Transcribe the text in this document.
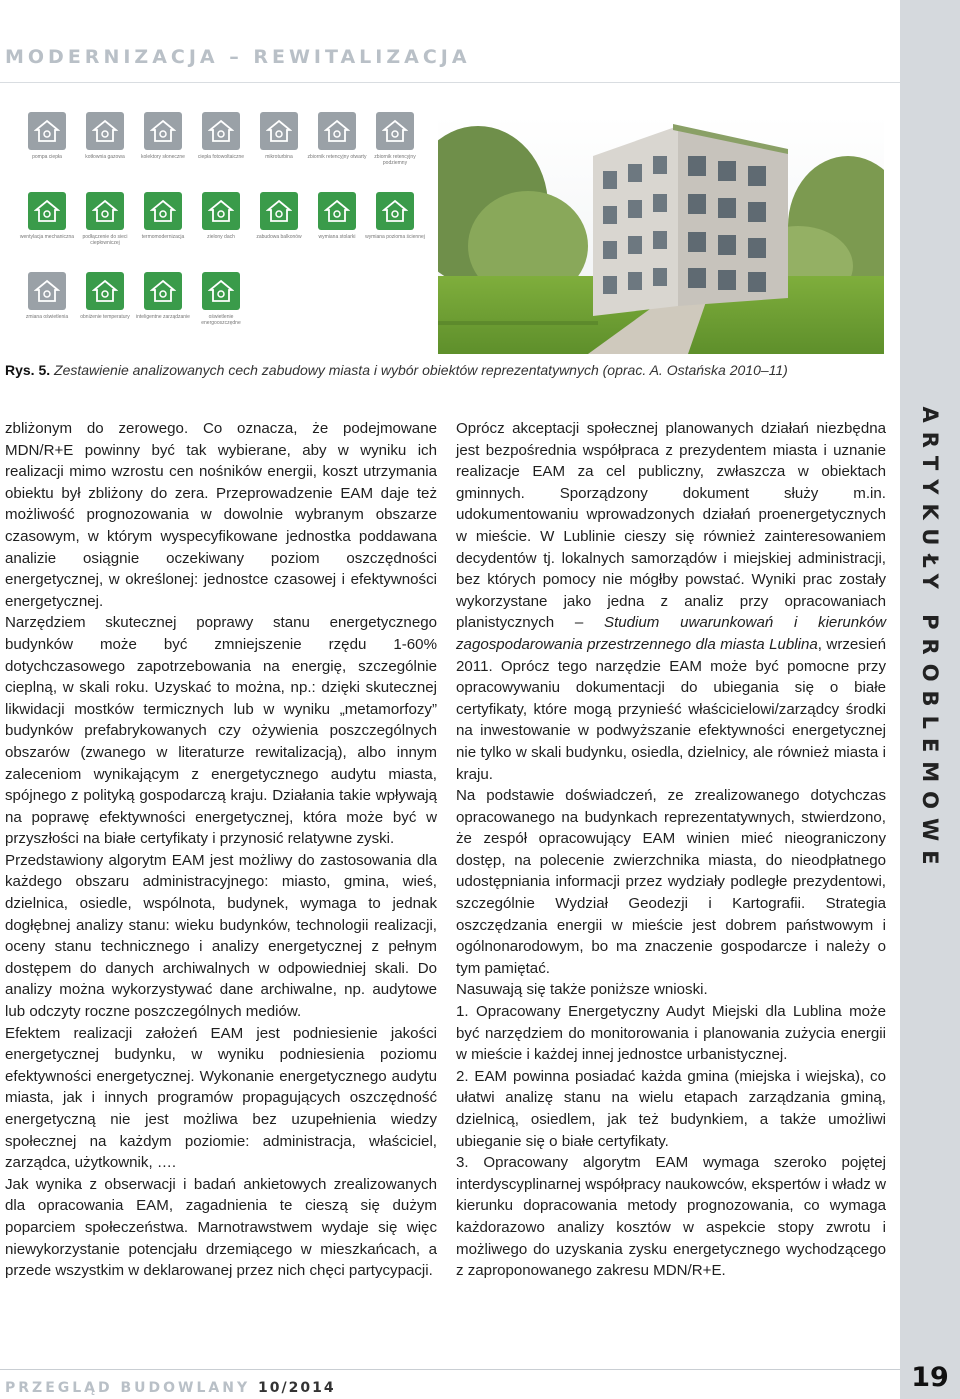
MODERNIZACJA – REWITALIZACJA
ARTYKUŁY PROBLEMOWE
pompa ciepła	kotłownia gazowa	kolektory słoneczne	ciepła fotowoltaiczne	mikroturbina	zbiornik retencyjny otwarty	zbiornik retencyjny podziemny
wentylacja mechaniczna	podłączenie do sieci ciepłowniczej
termomodernizacja	zielony dach	zabudowa balkonów	wymiana stolarki	wymiana pozioma ściennej
zmiana oświetlenia	obniżenie temperatury	inteligentne zarządzanie	oświetlenie energooszczędne
Rys. 5. Zestawienie analizowanych cech zabudowy miasta i wybór obiektów reprezentatywnych (oprac. A. Ostańska 2010–11)

zbliżonym do zerowego. Co oznacza, że podejmowane MDN/R+E powinny być tak wybierane, aby w wyniku ich realizacji mimo wzrostu cen nośników energii, koszt utrzymania obiektu był zbliżony do zera. Przeprowadzenie EAM daje też możliwość prognozowania w dowolnie wybranym obszarze czasowym, w którym wyspecyfikowane jednostka poddawana analizie osiągnie oczekiwany poziom oszczędności energetycznej, w określonej: jednostce czasowej i efektywności energetycznej.

Narzędziem skutecznej poprawy stanu energetycznego budynków może być zmniejszenie rzędu 1-60% dotychczasowego zapotrzebowania na energię, szczególnie cieplną, w skali roku. Uzyskać to można, np.: dzięki skutecznej likwidacji mostków termicznych lub w wyniku „metamorfozy” budynków prefabrykowanych czy ożywienia poszczególnych obszarów (zwanego w literaturze rewitalizacją), albo innym zaleceniom wynikającym z energetycznego audytu miasta, spójnego z polityką gospodarczą kraju. Działania takie wpływają na poprawę efektywności energetycznej, która może być w przyszłości na białe certyfikaty i przynosić relatywne zyski.

Przedstawiony algorytm EAM jest możliwy do zastosowania dla każdego obszaru administracyjnego: miasto, gmina, wieś, dzielnica, osiedle, wspólnota, budynek, wymaga to jednak dogłębnej analizy stanu: wieku budynków, technologii realizacji, oceny stanu technicznego i analizy energetycznej z pełnym dostępem do danych archiwalnych w odpowiedniej skali. Do analizy można wykorzystywać dane archiwalne, np. audytowe lub odczyty roczne poszczególnych mediów.

Efektem realizacji założeń EAM jest podniesienie jakości energetycznej budynku, w wyniku podniesienia poziomu efektywności energetycznej. Wykonanie energetycznego audytu miasta, jak i innych programów propagujących oszczędność energetyczną nie jest możliwa bez uzupełnienia wiedzy społecznej na każdym poziomie: administracja, właściciel, zarządca, użytkownik, ….

Jak wynika z obserwacji i badań ankietowych zrealizowanych dla opracowania EAM, zagadnienia te cieszą się dużym poparciem społeczeństwa. Marnotrawstwem wydaje się więc niewykorzystanie potencjału drzemiącego w mieszkańcach, a przede wszystkim w deklarowanej przez nich chęci partycypacji.

Oprócz akceptacji społecznej planowanych działań niezbędna jest bezpośrednia współpraca z prezydentem miasta i uznanie realizacje EAM za cel publiczny, zwłaszcza w obiektach gminnych. Sporządzony dokument służy m.in. udokumentowaniu wprowadzonych działań proenergetycznych w mieście. W Lublinie cieszy się również zainteresowaniem decydentów tj. lokalnych samorządów i miejskiej administracji, bez których pomocy nie mógłby powstać. Wyniki prac zostały wykorzystane jako jedna z analiz przy opracowaniach planistycznych – Studium uwarunkowań i kierunków zagospodarowania przestrzennego dla miasta Lublina, wrzesień 2011. Oprócz tego narzędzie EAM może być pomocne przy opracowywaniu dokumentacji do ubiegania się o białe certyfikaty, które mogą przynieść właścicielowi/zarządcy środki na inwestowanie w podwyższanie efektywności energetycznej nie tylko w skali budynku, osiedla, dzielnicy, ale również miasta i kraju.

Na podstawie doświadczeń, ze zrealizowanego dotychczas opracowanego na budynkach reprezentatywnych, stwierdzono, że zespół opracowujący EAM winien mieć nieograniczony dostęp, na polecenie zwierzchnika miasta, do nieodpłatnego udostępniania informacji przez wydziały podległe prezydentowi, szczególnie Wydział Geodezji i Kartografii. Strategia oszczędzania energii w mieście jest dobrem państwowym i ogólnonarodowym, bo ma znaczenie gospodarcze i należy o tym pamiętać.

Nasuwają się także poniższe wnioski.

1. Opracowany Energetyczny Audyt Miejski dla Lublina może być narzędziem do monitorowania i planowania zużycia energii w mieście i każdej innej jednostce urbanistycznej.

2. EAM powinna posiadać każda gmina (miejska i wiejska), co ułatwi analizę stanu na wielu etapach zarządzania gminą, dzielnicą, osiedlem, jak też budynkiem, a także umożliwi ubieganie się o białe certyfikaty.

3. Opracowany algorytm EAM wymaga szeroko pojętej interdyscyplinarnej współpracy naukowców, ekspertów i władz w kierunku dopracowania metody prognozowania, co wymaga każdorazowo analizy kosztów w aspekcie stopy zwrotu i możliwego do uzyskania zysku energetycznego wychodzącego z zaproponowanego zakresu MDN/R+E.

PRZEGLĄD BUDOWLANY 10/2014	19
